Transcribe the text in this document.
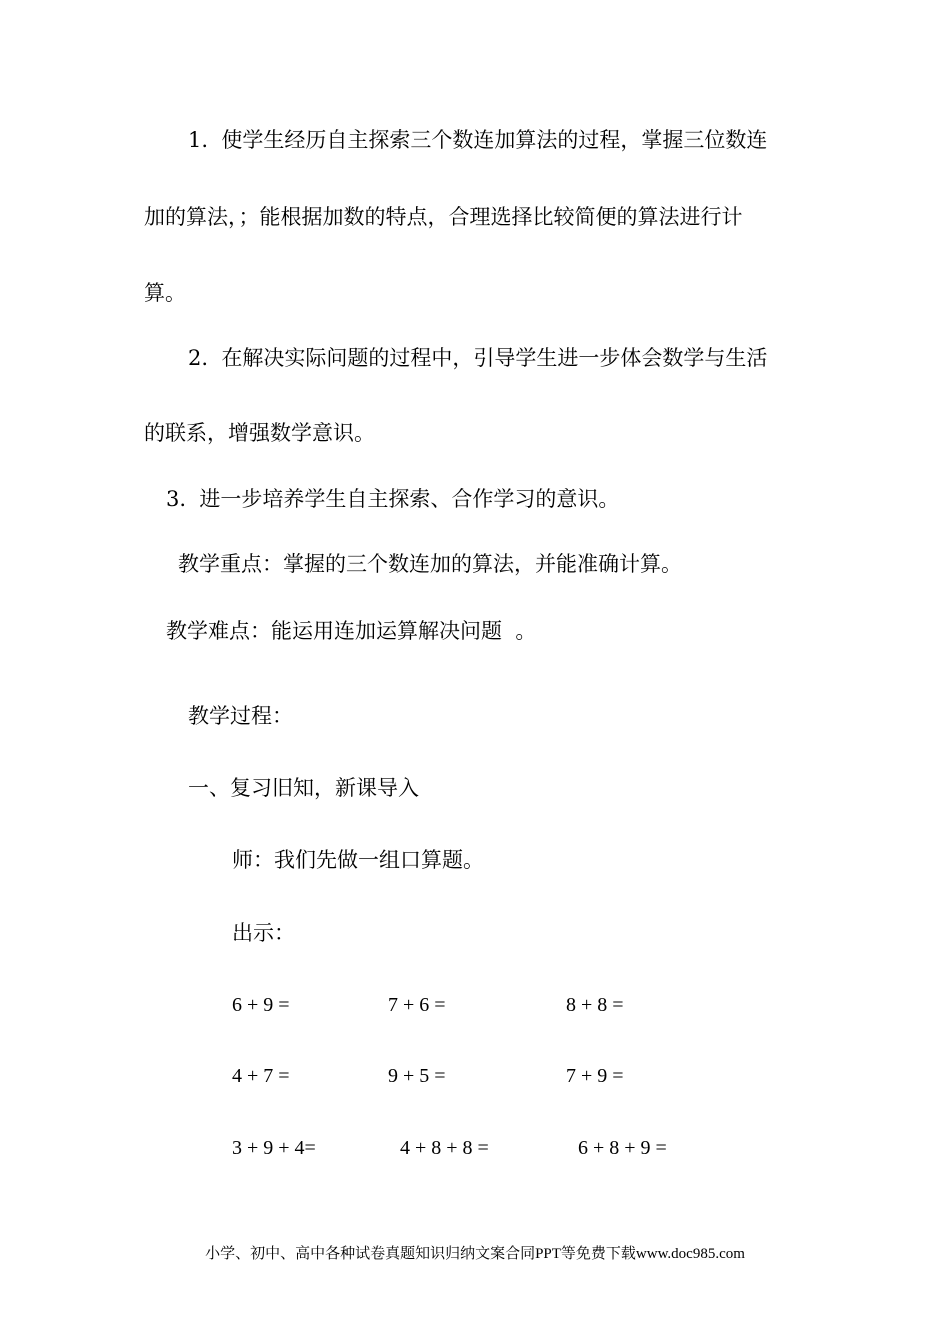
1.  使学生经历自主探索三个数连加算法的过程，掌握三位数连

加的算法，；能根据加数的特点，合理选择比较简便的算法进行计

算。

2.  在解决实际问题的过程中，引导学生进一步体会数学与生活

的联系，增强数学意识。

3.  进一步培养学生自主探索、合作学习的意识。

教学重点：掌握的三个数连加的算法，并能准确计算。

教学难点：能运用连加运算解决问题  。

教学过程：

一、复习旧知，新课导入

师：我们先做一组口算题。

出示：

6 + 9 =	7 + 6 =	8 + 8 =
4 + 7 =	9 + 5 =	7 + 9 =
3 + 9 + 4=	4 + 8 + 8 =	6 + 8 + 9 =
小学、初中、高中各种试卷真题知识归纳文案合同PPT等免费下载www.doc985.com
